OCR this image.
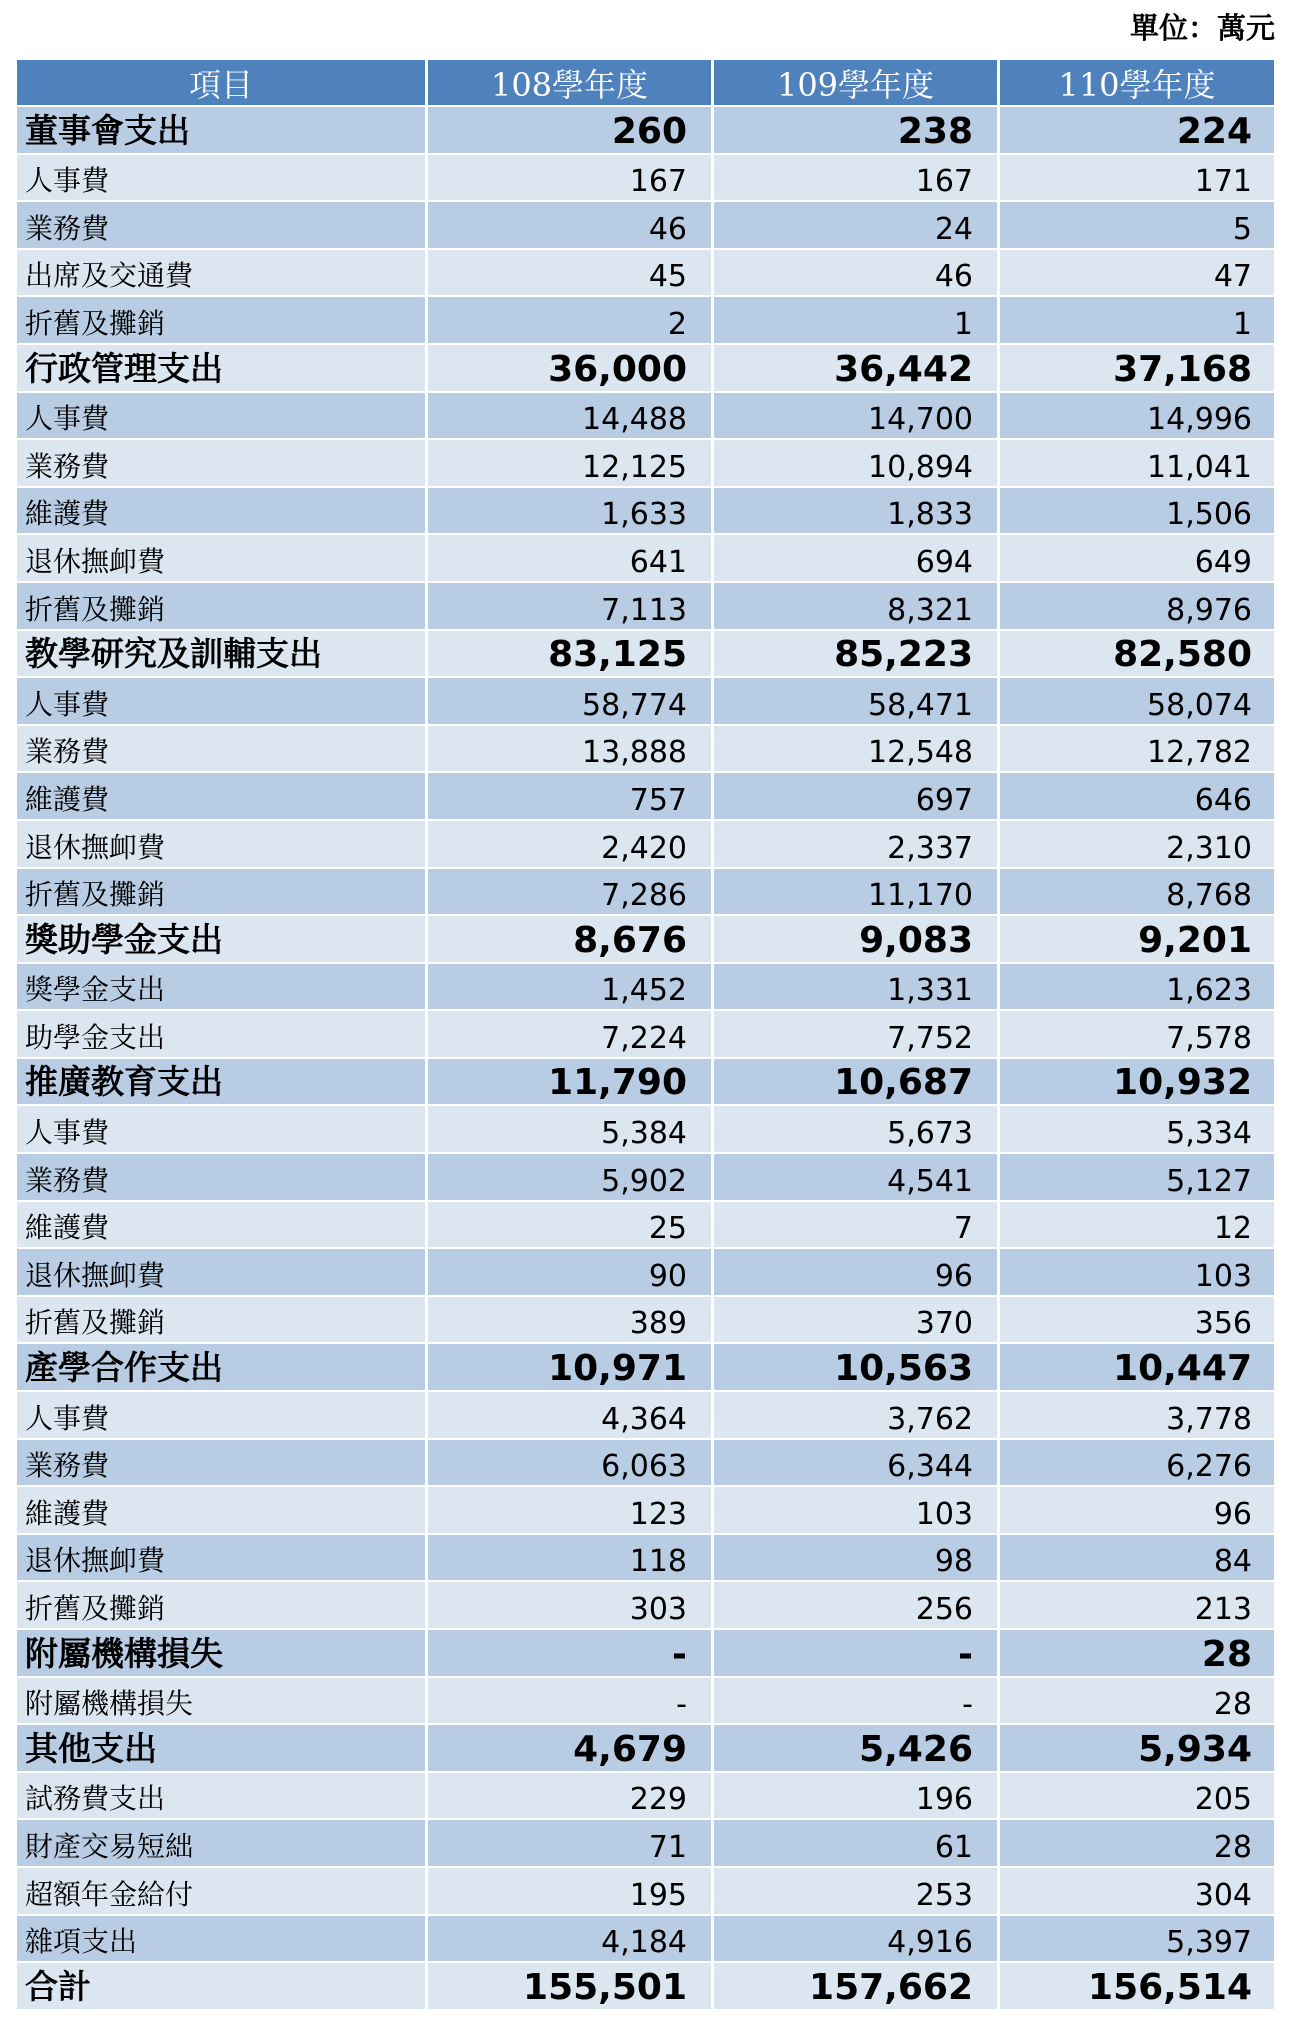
單位：萬元
項目	108學年度	109學年度	110學年度
董事會支出	260	238	224
人事費	167	167	171
業務費	46	24	5
出席及交通費	45	46	47
折舊及攤銷	2	1	1
行政管理支出	36,000	36,442	37,168
人事費	14,488	14,700	14,996
業務費	12,125	10,894	11,041
維護費	1,633	1,833	1,506
退休撫卹費	641	694	649
折舊及攤銷	7,113	8,321	8,976
教學研究及訓輔支出	83,125	85,223	82,580
人事費	58,774	58,471	58,074
業務費	13,888	12,548	12,782
維護費	757	697	646
退休撫卹費	2,420	2,337	2,310
折舊及攤銷	7,286	11,170	8,768
獎助學金支出	8,676	9,083	9,201
獎學金支出	1,452	1,331	1,623
助學金支出	7,224	7,752	7,578
推廣教育支出	11,790	10,687	10,932
人事費	5,384	5,673	5,334
業務費	5,902	4,541	5,127
維護費	25	7	12
退休撫卹費	90	96	103
折舊及攤銷	389	370	356
產學合作支出	10,971	10,563	10,447
人事費	4,364	3,762	3,778
業務費	6,063	6,344	6,276
維護費	123	103	96
退休撫卹費	118	98	84
折舊及攤銷	303	256	213
附屬機構損失	-	-	28
附屬機構損失	-	-	28
其他支出	4,679	5,426	5,934
試務費支出	229	196	205
財產交易短絀	71	61	28
超額年金給付	195	253	304
雜項支出	4,184	4,916	5,397
合計	155,501	157,662	156,514
